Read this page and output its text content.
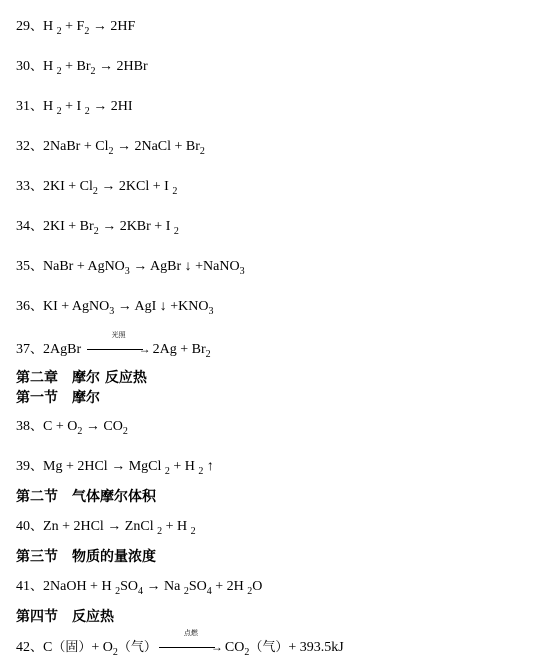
29、H $_2 + F_2 \to 2HF$
30、H $_2 + Br_2 \to 2HBr$
31、H $_2$ + I $_2$ → 2HI
32、2NaBr + $Cl_2$ → 2NaCl + $Br_2$
33、$2KI + Cl_2 \to 2KCl + I$ $_2$
34、$2KI + Br_2 \to 2KBr + I$ $_2$
35、NaBr + AgNO$_3$ → AgBr ↓ +NaNO$_3$
36、KI + AgNO$_3$ → AgI ↓ $+KNO_3$
37、2AgBr
光照
→ $2Ag + Br_2$
第二章　摩尔 反应热
第一节　摩尔
38、$C + O_2 \to CO_2$
39、Mg + 2HCl → MgCl $_2$ + H $_2$ ↑
第二节　气体摩尔体积
40、Zn + 2HCl → ZnCl $_2$ + H $_2$
第三节　物质的量浓度
41、2NaOH + H $_2SO_4 \to Na$ $_2SO_4 + 2H$ $_2$O
第四节　反应热
42、C（固）+ $O_2$（气）
点燃
→ $CO_2$（气）+ 393.5kJ
